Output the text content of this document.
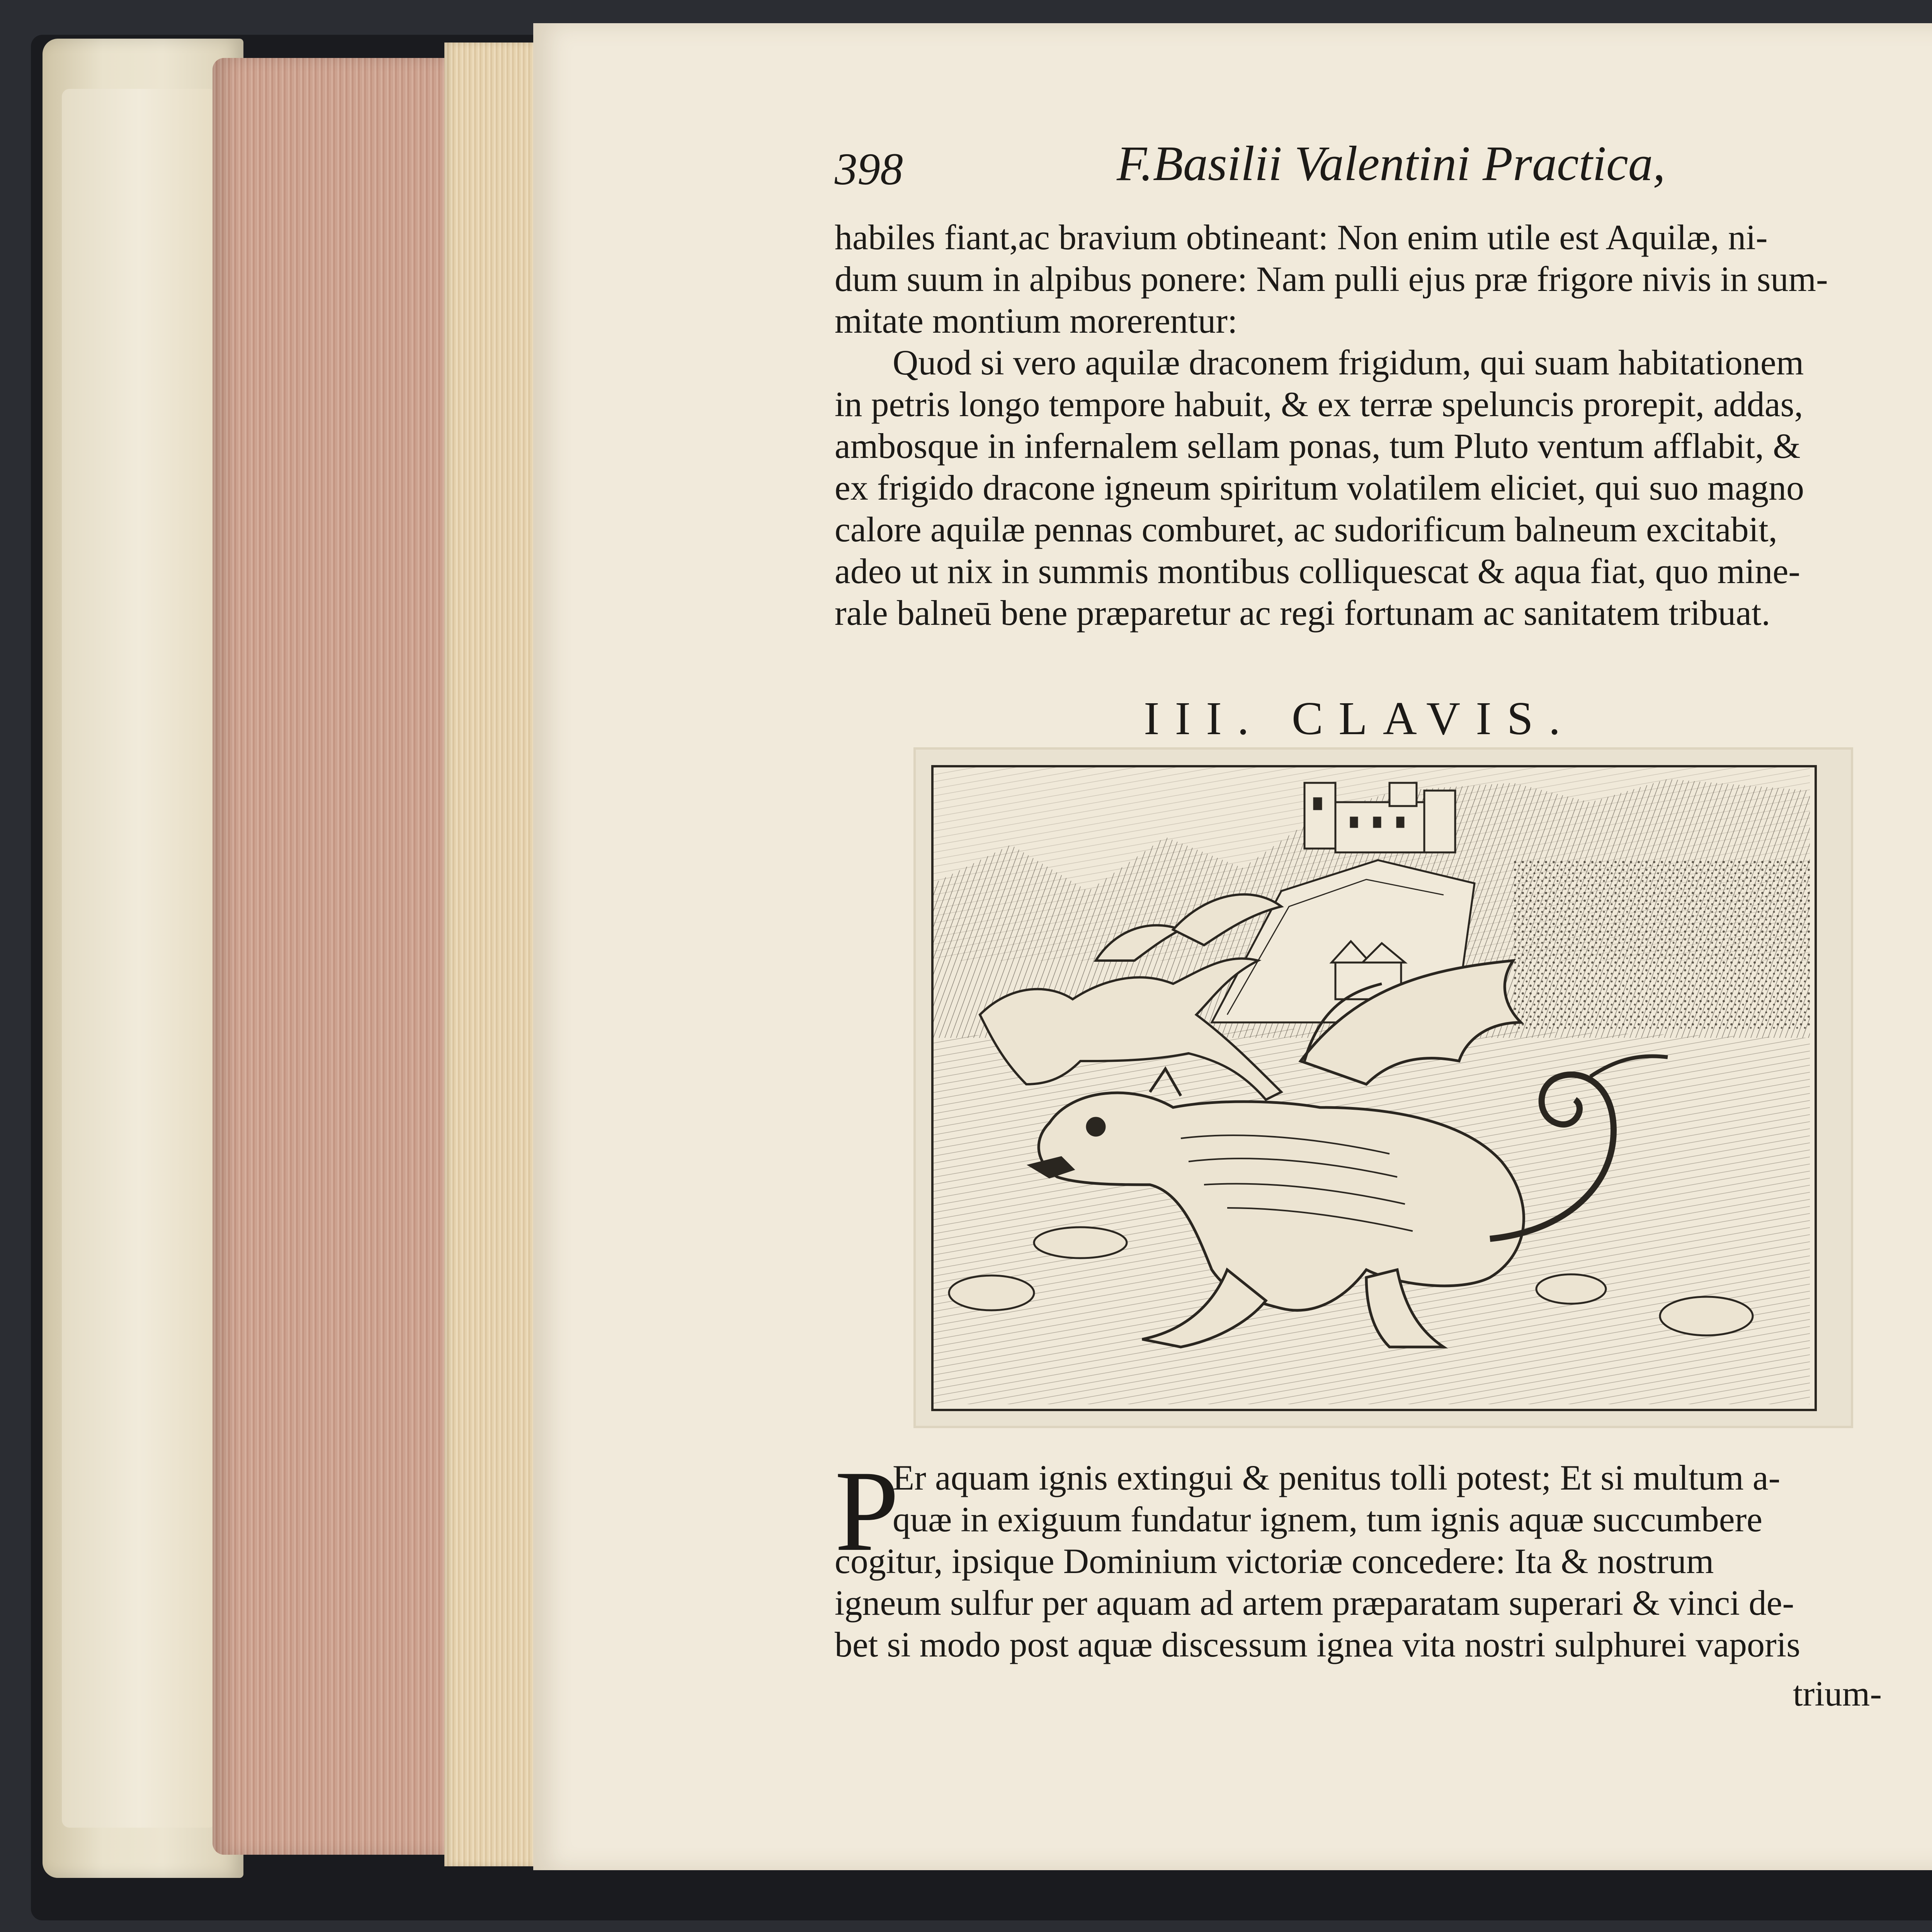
398	F.Basilii Valentini Practica,
habiles fiant,ac bravium obtineant: Non enim utile est Aquilæ, ni-
dum suum in alpibus ponere: Nam pulli ejus præ frigore nivis in sum-
mitate montium morerentur:
Quod si vero aquilæ draconem frigidum, qui suam habitationem
in petris longo tempore habuit, & ex terræ speluncis prorepit, addas,
ambosque in infernalem sellam ponas, tum Pluto ventum afflabit, &
ex frigido dracone igneum spiritum volatilem eliciet, qui suo magno
calore aquilæ pennas comburet, ac sudorificum balneum excitabit,
adeo ut nix in summis montibus colliquescat & aqua fiat, quo mine-
rale balneū bene præparetur ac regi fortunam ac sanitatem tribuat.
III. CLAVIS.
P
Er aquam ignis extingui & penitus tolli potest; Et si multum a-
quæ in exiguum fundatur ignem, tum ignis aquæ succumbere
cogitur, ipsique Dominium victoriæ concedere: Ita & nostrum
igneum sulfur per aquam ad artem præparatam superari & vinci de-
bet si modo post aquæ discessum ignea vita nostri sulphurei vaporis
trium-
